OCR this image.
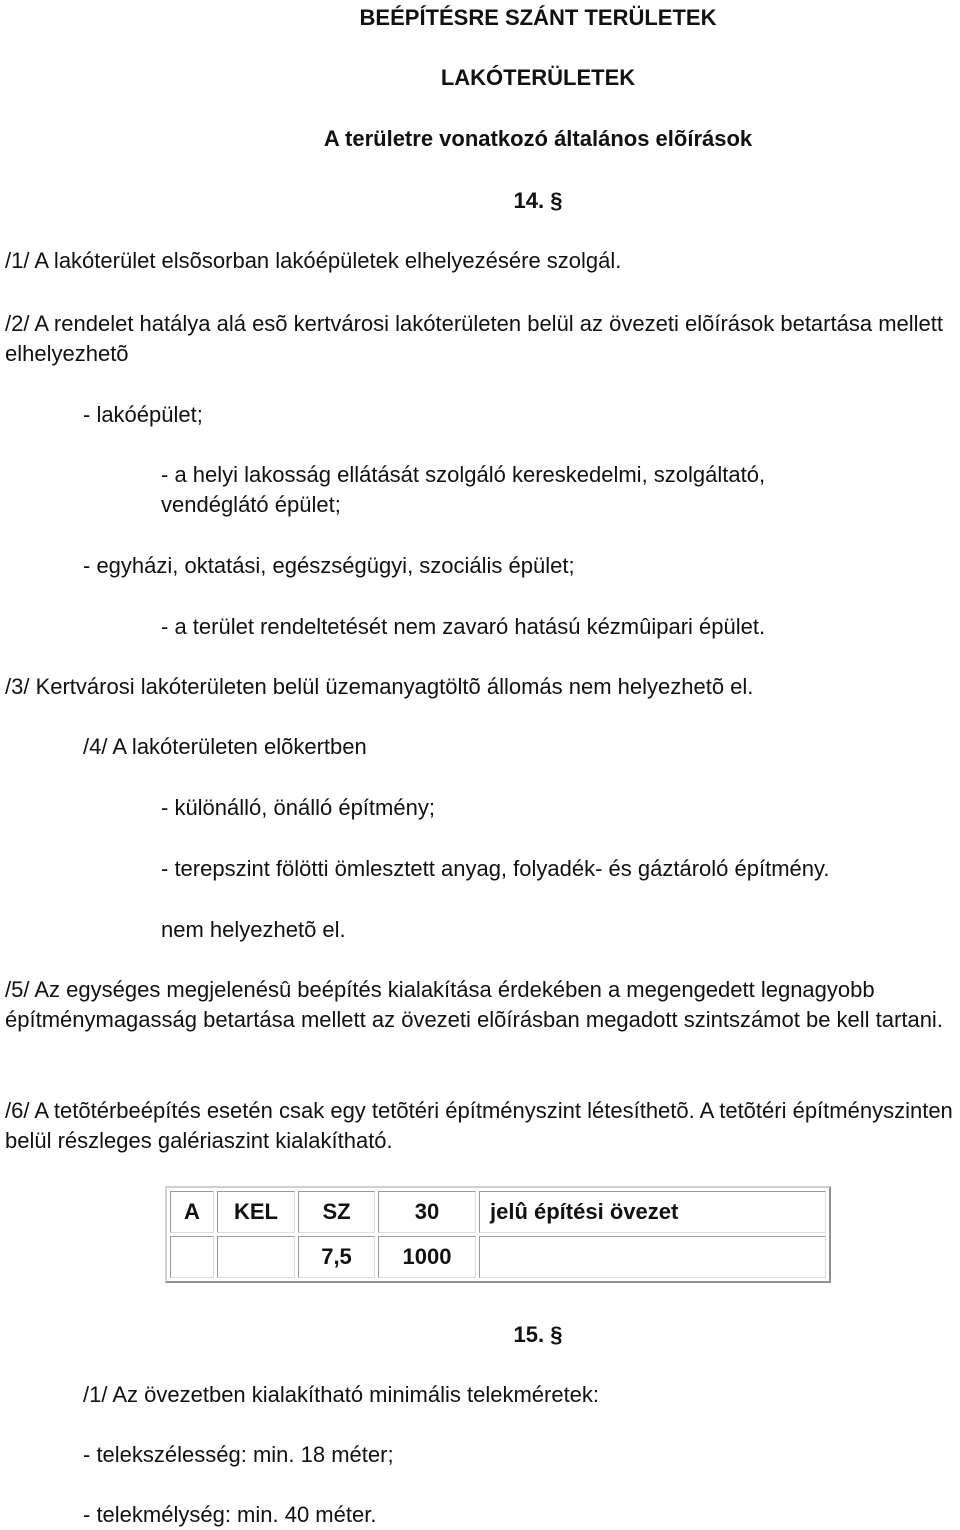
BEÉPÍTÉSRE SZÁNT TERÜLETEK
LAKÓTERÜLETEK
A területre vonatkozó általános elõírások
14. §
/1/ A lakóterület elsõsorban lakóépületek elhelyezésére szolgál.
/2/ A rendelet hatálya alá esõ kertvárosi lakóterületen belül az övezeti elõírások betartása mellett elhelyezhetõ
- lakóépület;
- a helyi lakosság ellátását szolgáló kereskedelmi, szolgáltató,
vendéglátó épület;
- egyházi, oktatási, egészségügyi, szociális épület;
- a terület rendeltetését nem zavaró hatású kézmûipari épület.
/3/ Kertvárosi lakóterületen belül üzemanyagtöltõ állomás nem helyezhetõ el.
/4/ A lakóterületen elõkertben
- különálló, önálló építmény;
- terepszint fölötti ömlesztett anyag, folyadék- és gáztároló építmény.
nem helyezhetõ el.
/5/ Az egységes megjelenésû beépítés kialakítása érdekében a megengedett legnagyobb építménymagasság betartása mellett az övezeti elõírásban megadott szintszámot be kell tartani.
/6/ A tetõtérbeépítés esetén csak egy tetõtéri építményszint létesíthetõ. A tetõtéri építményszinten belül részleges galériaszint kialakítható.
A	KEL	SZ	30	jelû építési övezet
		7,5	1000	
15. §
/1/ Az övezetben kialakítható minimális telekméretek:
- telekszélesség: min. 18 méter;
- telekmélység: min. 40 méter.
